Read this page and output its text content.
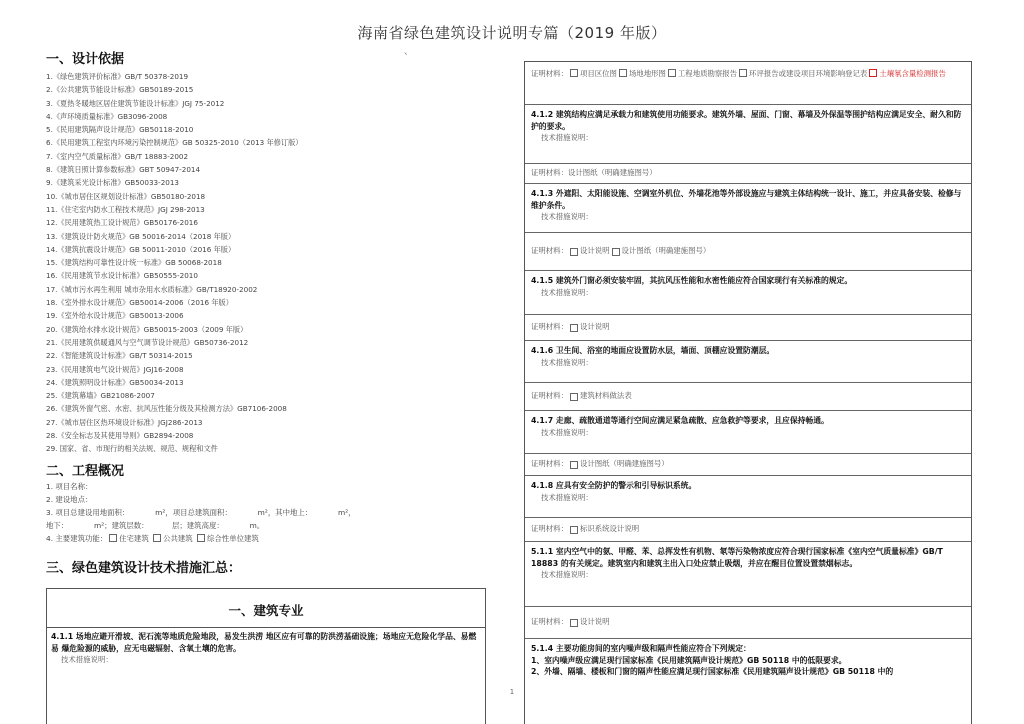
海南省绿色建筑设计说明专篇（2019 年版）
、
一、设计依据
1.《绿色建筑评价标准》GB/T 50378-2019
2.《公共建筑节能设计标准》GB50189-2015
3.《夏热冬暖地区居住建筑节能设计标准》JGJ 75-2012
4.《声环境质量标准》GB3096-2008
5.《民用建筑隔声设计规范》GB50118-2010
6.《民用建筑工程室内环境污染控制规范》GB 50325-2010（2013 年修订版）
7.《室内空气质量标准》GB/T 18883-2002
8.《建筑日照计算参数标准》GBT 50947-2014
9.《建筑采光设计标准》GB50033-2013
10.《城市居住区规划设计标准》GB50180-2018
11.《住宅室内防水工程技术规范》JGJ 298-2013
12.《民用建筑热工设计规范》GB50176-2016
13.《建筑设计防火规范》GB 50016-2014（2018 年版）
14.《建筑抗震设计规范》GB 50011-2010（2016 年版）
15.《建筑结构可靠性设计统一标准》GB 50068-2018
16.《民用建筑节水设计标准》GB50555-2010
17.《城市污水再生利用 城市杂用水水质标准》GB/T18920-2002
18.《室外排水设计规范》GB50014-2006（2016 年版）
19.《室外给水设计规范》GB50013-2006
20.《建筑给水排水设计规范》GB50015-2003（2009 年版）
21.《民用建筑供暖通风与空气调节设计规范》GB50736-2012
22.《智能建筑设计标准》GB/T 50314-2015
23.《民用建筑电气设计规范》JGJ16-2008
24.《建筑照明设计标准》GB50034-2013
25.《建筑幕墙》GB21086-2007
26.《建筑外窗气密、水密、抗风压性能分级及其检测方法》GB7106-2008
27.《城市居住区热环境设计标准》JGJ286-2013
28.《安全标志及其使用导则》GB2894-2008
29. 国家、省、市现行的相关法规、规范、规程和文件
二、工程概况
1. 项目名称：
2. 建设地点：
3. 项目总建设用地面积：           m²，项目总建筑面积：           m²，其中地上：           m²，
地下：           m²；建筑层数：          层；建筑高度：           m。
4. 主要建筑功能： 住宅建筑 公共建筑 综合性单位建筑
三、绿色建筑设计技术措施汇总：
一、建筑专业
4.1.1 场地应避开滑坡、泥石流等地质危险地段，易发生洪涝 地区应有可靠的防洪涝基础设施；场地应无危险化学品、易燃易 爆危险源的威胁，应无电磁辐射、含氧土壤的危害。
技术措施说明：
证明材料： 项目区位图 场地地形图 工程地质勘察报告 环评报告或建设项目环境影响登记表 土壤氡含量检测报告
4.1.2 建筑结构应满足承载力和建筑使用功能要求。建筑外墙、屋面、门窗、幕墙及外保温等围护结构应满足安全、耐久和防护的要求。
技术措施说明：
证明材料：设计图纸（明确建施图号）
4.1.3 外遮阳、太阳能设施、空调室外机位、外墙花池等外部设施应与建筑主体结构统一设计、施工，并应具备安装、检修与维护条件。
技术措施说明：
证明材料： 设计说明 设计图纸（明确建施图号）
4.1.5 建筑外门窗必须安装牢固，其抗风压性能和水密性能应符合国家现行有关标准的规定。
技术措施说明：
证明材料： 设计说明
4.1.6 卫生间、浴室的地面应设置防水层，墙面、顶棚应设置防潮层。
技术措施说明：
证明材料： 建筑材料做法表
4.1.7 走廊、疏散通道等通行空间应满足紧急疏散、应急救护等要求，且应保持畅通。
技术措施说明：
证明材料： 设计图纸（明确建施图号）
4.1.8 应具有安全防护的警示和引导标识系统。
技术措施说明：
证明材料： 标识系统设计说明
5.1.1 室内空气中的氨、甲醛、苯、总挥发性有机物、氡等污染物浓度应符合现行国家标准《室内空气质量标准》GB/T 18883 的有关规定。建筑室内和建筑主出入口处应禁止吸烟，并应在醒目位置设置禁烟标志。
技术措施说明：
证明材料： 设计说明
5.1.4 主要功能房间的室内噪声级和隔声性能应符合下列规定：
1、室内噪声级应满足现行国家标准《民用建筑隔声设计规范》GB 50118 中的低限要求。
2、外墙、隔墙、楼板和门窗的隔声性能应满足现行国家标准《民用建筑隔声设计规范》GB 50118 中的
1
